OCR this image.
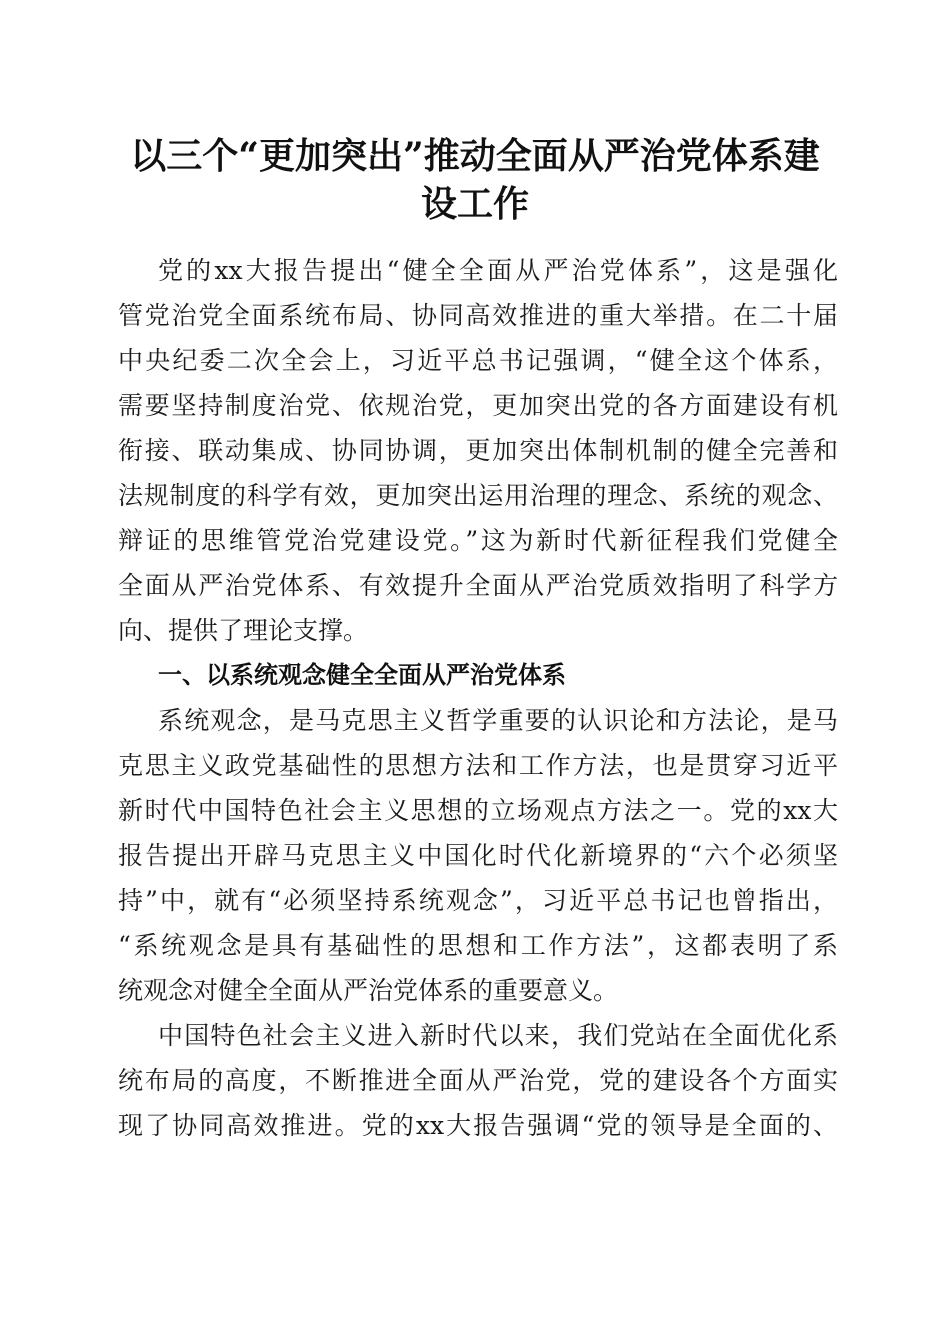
以三个“更加突出”推动全面从严治党体系建
设工作
党的xx大报告提出“健全全面从严治党体系”，这是强化
管党治党全面系统布局、协同高效推进的重大举措。在二十届
中央纪委二次全会上，习近平总书记强调，“健全这个体系，
需要坚持制度治党、依规治党，更加突出党的各方面建设有机
衔接、联动集成、协同协调，更加突出体制机制的健全完善和
法规制度的科学有效，更加突出运用治理的理念、系统的观念、
辩证的思维管党治党建设党。”这为新时代新征程我们党健全
全面从严治党体系、有效提升全面从严治党质效指明了科学方
向、提供了理论支撑。
一、以系统观念健全全面从严治党体系
系统观念，是马克思主义哲学重要的认识论和方法论，是马
克思主义政党基础性的思想方法和工作方法，也是贯穿习近平
新时代中国特色社会主义思想的立场观点方法之一。党的xx大
报告提出开辟马克思主义中国化时代化新境界的“六个必须坚
持”中，就有“必须坚持系统观念”，习近平总书记也曾指出，
“系统观念是具有基础性的思想和工作方法”，这都表明了系
统观念对健全全面从严治党体系的重要意义。
中国特色社会主义进入新时代以来，我们党站在全面优化系
统布局的高度，不断推进全面从严治党，党的建设各个方面实
现了协同高效推进。党的xx大报告强调“党的领导是全面的、
